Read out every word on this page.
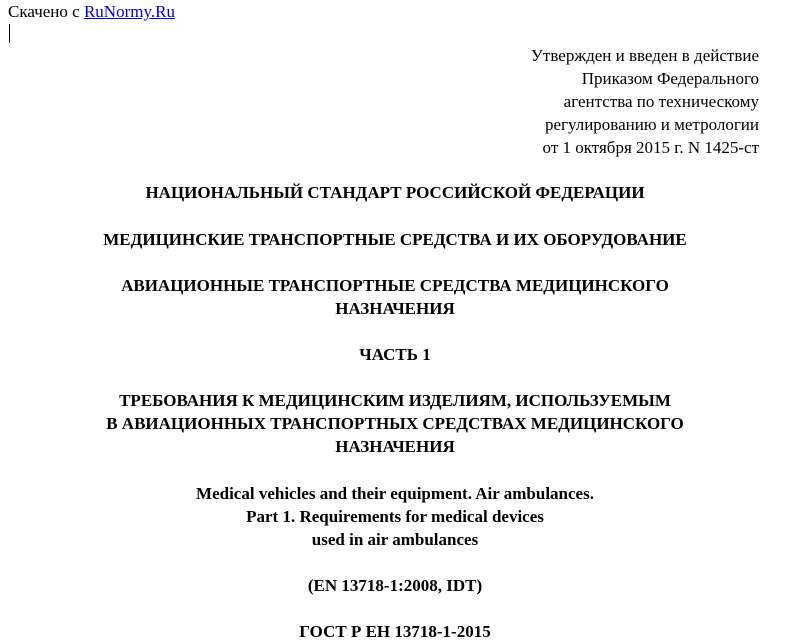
Скачено с RuNormy.Ru
Утвержден и введен в действие
Приказом Федерального
агентства по техническому
регулированию и метрологии
от 1 октября 2015 г. N 1425-ст
НАЦИОНАЛЬНЫЙ СТАНДАРТ РОССИЙСКОЙ ФЕДЕРАЦИИ
МЕДИЦИНСКИЕ ТРАНСПОРТНЫЕ СРЕДСТВА И ИХ ОБОРУДОВАНИЕ
АВИАЦИОННЫЕ ТРАНСПОРТНЫЕ СРЕДСТВА МЕДИЦИНСКОГО
НАЗНАЧЕНИЯ
ЧАСТЬ 1
ТРЕБОВАНИЯ К МЕДИЦИНСКИМ ИЗДЕЛИЯМ, ИСПОЛЬЗУЕМЫМ
В АВИАЦИОННЫХ ТРАНСПОРТНЫХ СРЕДСТВАХ МЕДИЦИНСКОГО
НАЗНАЧЕНИЯ
Medical vehicles and their equipment. Air ambulances.
Part 1. Requirements for medical devices
used in air ambulances
(EN 13718-1:2008, IDT)
ГОСТ Р ЕН 13718-1-2015
